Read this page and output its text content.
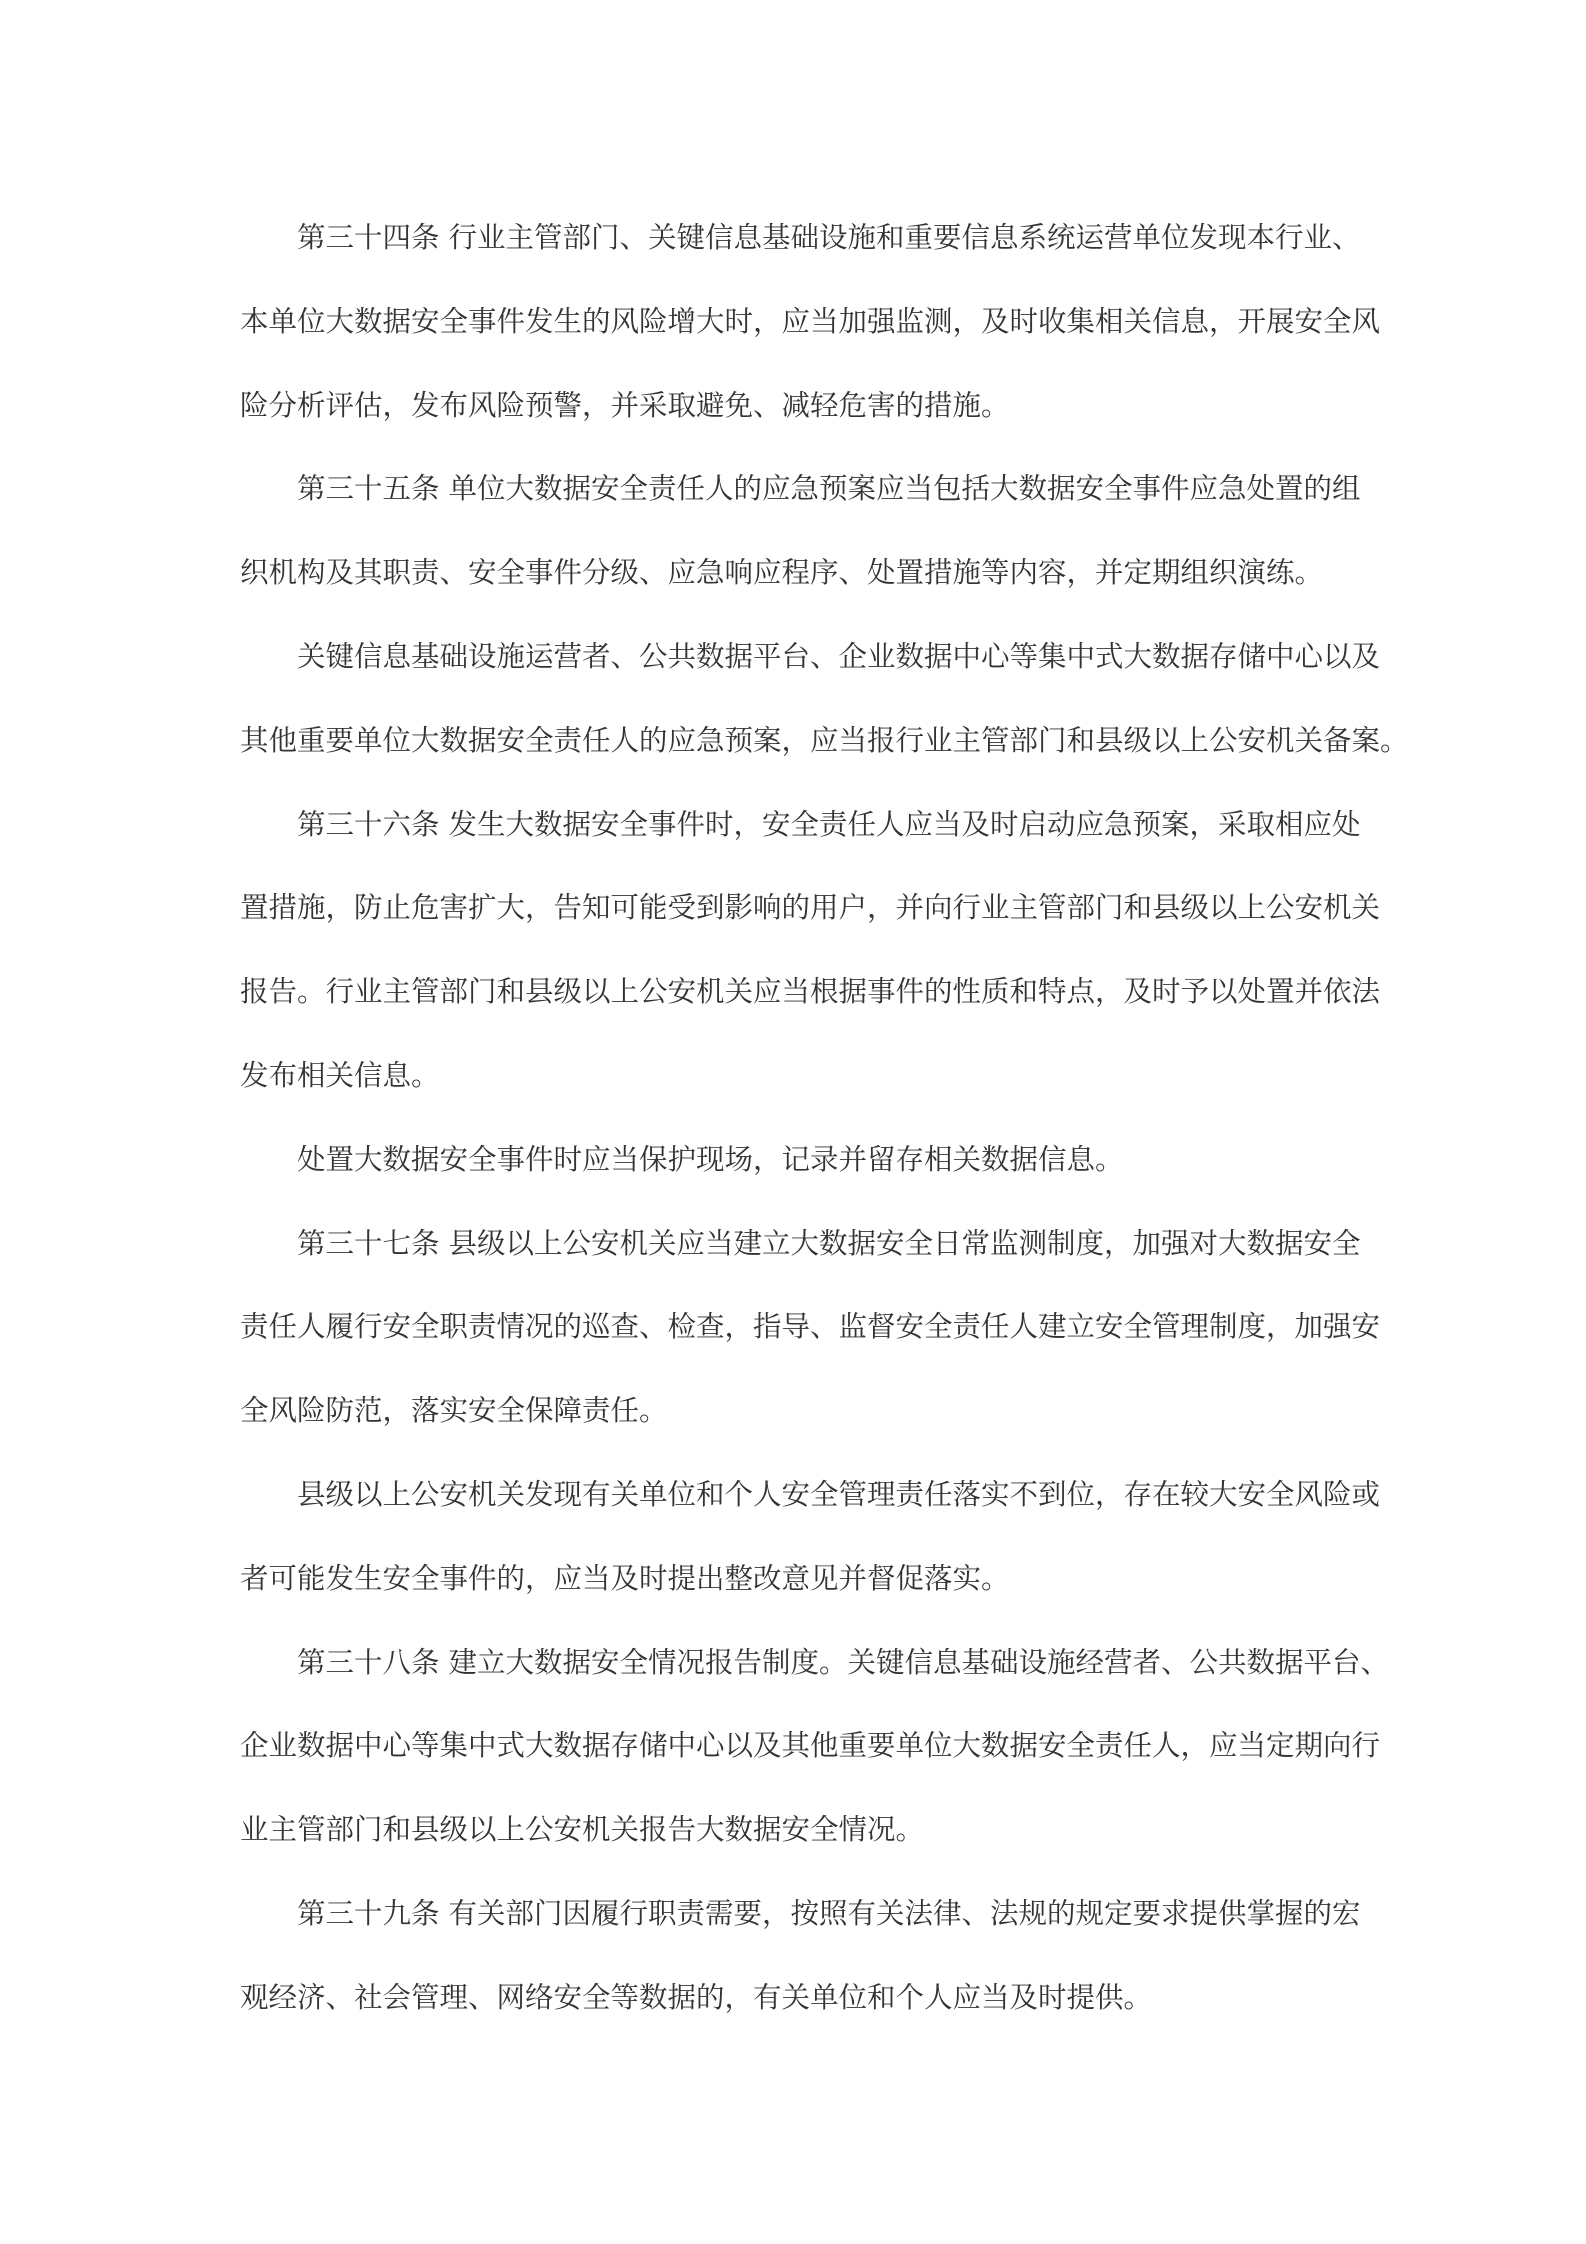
第三十四条 行业主管部门、关键信息基础设施和重要信息系统运营单位发现本行业、
本单位大数据安全事件发生的风险增大时，应当加强监测，及时收集相关信息，开展安全风
险分析评估，发布风险预警，并采取避免、减轻危害的措施。
第三十五条 单位大数据安全责任人的应急预案应当包括大数据安全事件应急处置的组
织机构及其职责、安全事件分级、应急响应程序、处置措施等内容，并定期组织演练。
关键信息基础设施运营者、公共数据平台、企业数据中心等集中式大数据存储中心以及
其他重要单位大数据安全责任人的应急预案，应当报行业主管部门和县级以上公安机关备案。
第三十六条 发生大数据安全事件时，安全责任人应当及时启动应急预案，采取相应处
置措施，防止危害扩大，告知可能受到影响的用户，并向行业主管部门和县级以上公安机关
报告。行业主管部门和县级以上公安机关应当根据事件的性质和特点，及时予以处置并依法
发布相关信息。
处置大数据安全事件时应当保护现场，记录并留存相关数据信息。
第三十七条 县级以上公安机关应当建立大数据安全日常监测制度，加强对大数据安全
责任人履行安全职责情况的巡查、检查，指导、监督安全责任人建立安全管理制度，加强安
全风险防范，落实安全保障责任。
县级以上公安机关发现有关单位和个人安全管理责任落实不到位，存在较大安全风险或
者可能发生安全事件的，应当及时提出整改意见并督促落实。
第三十八条 建立大数据安全情况报告制度。关键信息基础设施经营者、公共数据平台、
企业数据中心等集中式大数据存储中心以及其他重要单位大数据安全责任人，应当定期向行
业主管部门和县级以上公安机关报告大数据安全情况。
第三十九条 有关部门因履行职责需要，按照有关法律、法规的规定要求提供掌握的宏
观经济、社会管理、网络安全等数据的，有关单位和个人应当及时提供。
